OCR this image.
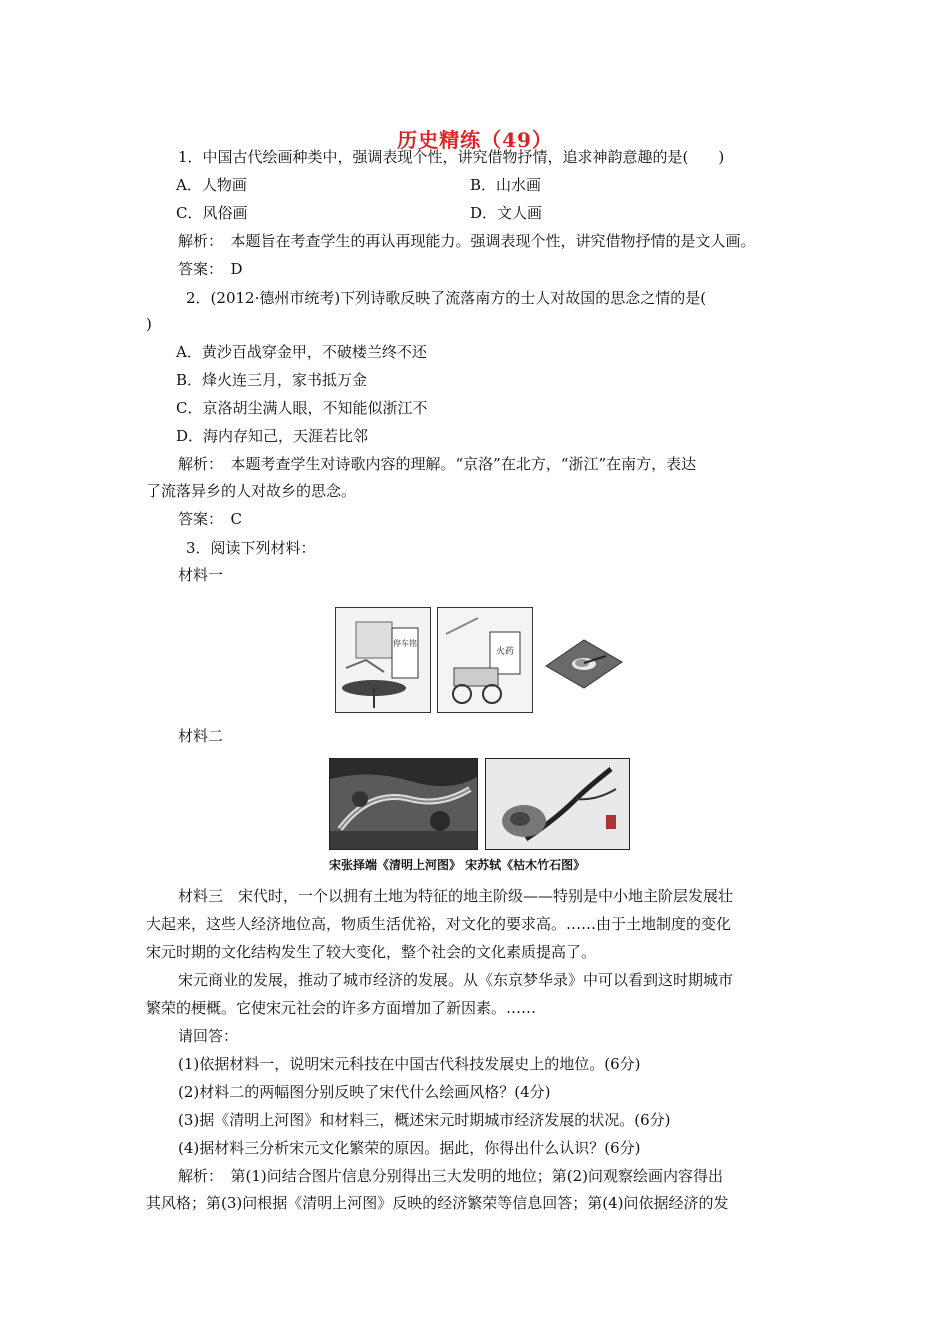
历史精练（49）
1．中国古代绘画种类中，强调表现个性，讲究借物抒情，追求神韵意趣的是(　　)
A．人物画	B．山水画
C．风俗画	D．文人画
解析：　本题旨在考查学生的再认再现能力。强调表现个性，讲究借物抒情的是文人画。
答案：　D
2．(2012·德州市统考)下列诗歌反映了流落南方的士人对故国的思念之情的是(
)
A．黄沙百战穿金甲，不破楼兰终不还
B．烽火连三月，家书抵万金
C．京洛胡尘满人眼，不知能似浙江不
D．海内存知己，天涯若比邻
解析：　本题考查学生对诗歌内容的理解。“京洛”在北方，“浙江”在南方，表达
了流落异乡的人对故乡的思念。
答案：　C
3．阅读下列材料：
材料一
停车铭
火药
材料二
宋张择端《清明上河图》 宋苏轼《枯木竹石图》
材料三　宋代时，一个以拥有土地为特征的地主阶级——特别是中小地主阶层发展壮
大起来，这些人经济地位高，物质生活优裕，对文化的要求高。……由于土地制度的变化
宋元时期的文化结构发生了较大变化，整个社会的文化素质提高了。
宋元商业的发展，推动了城市经济的发展。从《东京梦华录》中可以看到这时期城市
繁荣的梗概。它使宋元社会的许多方面增加了新因素。……
请回答：
(1)依据材料一，说明宋元科技在中国古代科技发展史上的地位。(6分)
(2)材料二的两幅图分别反映了宋代什么绘画风格？(4分)
(3)据《清明上河图》和材料三，概述宋元时期城市经济发展的状况。(6分)
(4)据材料三分析宋元文化繁荣的原因。据此，你得出什么认识？(6分)
解析：　第(1)问结合图片信息分别得出三大发明的地位；第(2)问观察绘画内容得出
其风格；第(3)问根据《清明上河图》反映的经济繁荣等信息回答；第(4)问依据经济的发
